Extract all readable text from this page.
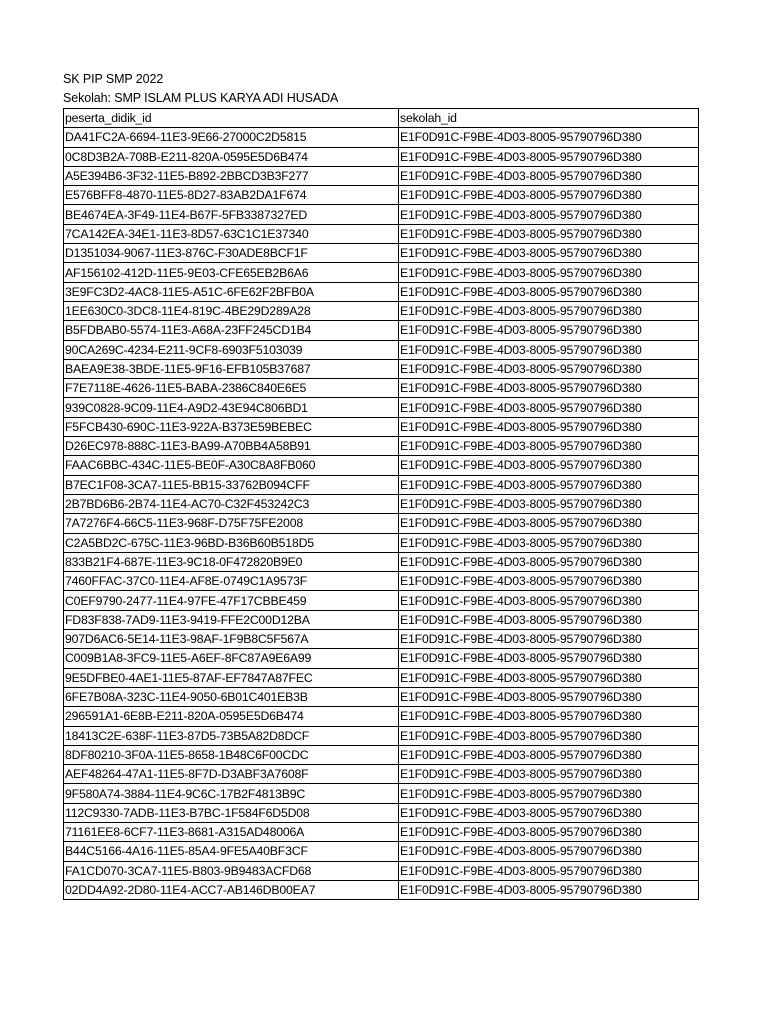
SK PIP SMP 2022
Sekolah: SMP ISLAM PLUS KARYA ADI HUSADA
peserta_didik_id	sekolah_id
DA41FC2A-6694-11E3-9E66-27000C2D5815	E1F0D91C-F9BE-4D03-8005-95790796D380
0C8D3B2A-708B-E211-820A-0595E5D6B474	E1F0D91C-F9BE-4D03-8005-95790796D380
A5E394B6-3F32-11E5-B892-2BBCD3B3F277	E1F0D91C-F9BE-4D03-8005-95790796D380
E576BFF8-4870-11E5-8D27-83AB2DA1F674	E1F0D91C-F9BE-4D03-8005-95790796D380
BE4674EA-3F49-11E4-B67F-5FB3387327ED	E1F0D91C-F9BE-4D03-8005-95790796D380
7CA142EA-34E1-11E3-8D57-63C1C1E37340	E1F0D91C-F9BE-4D03-8005-95790796D380
D1351034-9067-11E3-876C-F30ADE8BCF1F	E1F0D91C-F9BE-4D03-8005-95790796D380
AF156102-412D-11E5-9E03-CFE65EB2B6A6	E1F0D91C-F9BE-4D03-8005-95790796D380
3E9FC3D2-4AC8-11E5-A51C-6FE62F2BFB0A	E1F0D91C-F9BE-4D03-8005-95790796D380
1EE630C0-3DC8-11E4-819C-4BE29D289A28	E1F0D91C-F9BE-4D03-8005-95790796D380
B5FDBAB0-5574-11E3-A68A-23FF245CD1B4	E1F0D91C-F9BE-4D03-8005-95790796D380
90CA269C-4234-E211-9CF8-6903F5103039	E1F0D91C-F9BE-4D03-8005-95790796D380
BAEA9E38-3BDE-11E5-9F16-EFB105B37687	E1F0D91C-F9BE-4D03-8005-95790796D380
F7E7118E-4626-11E5-BABA-2386C840E6E5	E1F0D91C-F9BE-4D03-8005-95790796D380
939C0828-9C09-11E4-A9D2-43E94C806BD1	E1F0D91C-F9BE-4D03-8005-95790796D380
F5FCB430-690C-11E3-922A-B373E59BEBEC	E1F0D91C-F9BE-4D03-8005-95790796D380
D26EC978-888C-11E3-BA99-A70BB4A58B91	E1F0D91C-F9BE-4D03-8005-95790796D380
FAAC6BBC-434C-11E5-BE0F-A30C8A8FB060	E1F0D91C-F9BE-4D03-8005-95790796D380
B7EC1F08-3CA7-11E5-BB15-33762B094CFF	E1F0D91C-F9BE-4D03-8005-95790796D380
2B7BD6B6-2B74-11E4-AC70-C32F453242C3	E1F0D91C-F9BE-4D03-8005-95790796D380
7A7276F4-66C5-11E3-968F-D75F75FE2008	E1F0D91C-F9BE-4D03-8005-95790796D380
C2A5BD2C-675C-11E3-96BD-B36B60B518D5	E1F0D91C-F9BE-4D03-8005-95790796D380
833B21F4-687E-11E3-9C18-0F472820B9E0	E1F0D91C-F9BE-4D03-8005-95790796D380
7460FFAC-37C0-11E4-AF8E-0749C1A9573F	E1F0D91C-F9BE-4D03-8005-95790796D380
C0EF9790-2477-11E4-97FE-47F17CBBE459	E1F0D91C-F9BE-4D03-8005-95790796D380
FD83F838-7AD9-11E3-9419-FFE2C00D12BA	E1F0D91C-F9BE-4D03-8005-95790796D380
907D6AC6-5E14-11E3-98AF-1F9B8C5F567A	E1F0D91C-F9BE-4D03-8005-95790796D380
C009B1A8-3FC9-11E5-A6EF-8FC87A9E6A99	E1F0D91C-F9BE-4D03-8005-95790796D380
9E5DFBE0-4AE1-11E5-87AF-EF7847A87FEC	E1F0D91C-F9BE-4D03-8005-95790796D380
6FE7B08A-323C-11E4-9050-6B01C401EB3B	E1F0D91C-F9BE-4D03-8005-95790796D380
296591A1-6E8B-E211-820A-0595E5D6B474	E1F0D91C-F9BE-4D03-8005-95790796D380
18413C2E-638F-11E3-87D5-73B5A82D8DCF	E1F0D91C-F9BE-4D03-8005-95790796D380
8DF80210-3F0A-11E5-8658-1B48C6F00CDC	E1F0D91C-F9BE-4D03-8005-95790796D380
AEF48264-47A1-11E5-8F7D-D3ABF3A7608F	E1F0D91C-F9BE-4D03-8005-95790796D380
9F580A74-3884-11E4-9C6C-17B2F4813B9C	E1F0D91C-F9BE-4D03-8005-95790796D380
112C9330-7ADB-11E3-B7BC-1F584F6D5D08	E1F0D91C-F9BE-4D03-8005-95790796D380
71161EE8-6CF7-11E3-8681-A315AD48006A	E1F0D91C-F9BE-4D03-8005-95790796D380
B44C5166-4A16-11E5-85A4-9FE5A40BF3CF	E1F0D91C-F9BE-4D03-8005-95790796D380
FA1CD070-3CA7-11E5-B803-9B9483ACFD68	E1F0D91C-F9BE-4D03-8005-95790796D380
02DD4A92-2D80-11E4-ACC7-AB146DB00EA7	E1F0D91C-F9BE-4D03-8005-95790796D380
